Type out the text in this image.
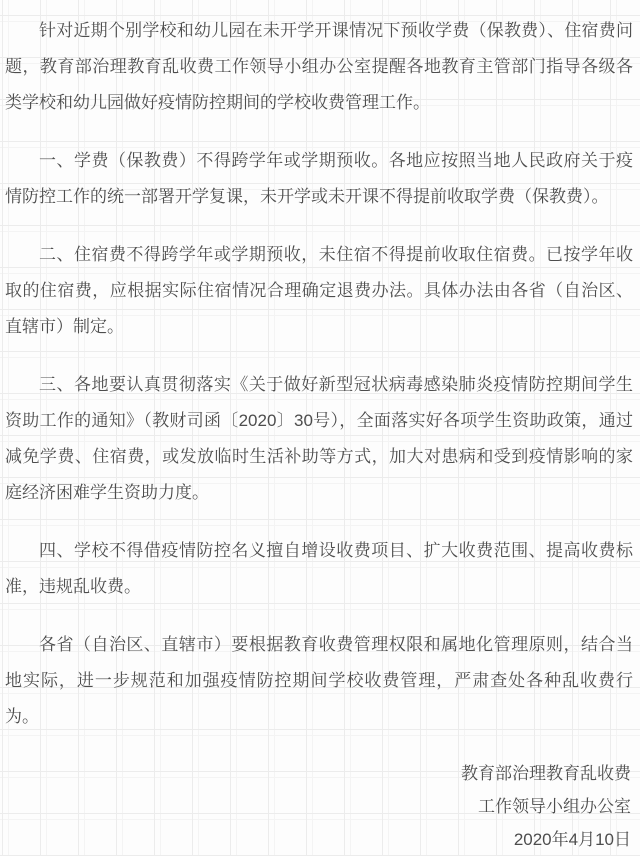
针对近期个别学校和幼儿园在未开学开课情况下预收学费（保教费）、住宿费问题，教育部治理教育乱收费工作领导小组办公室提醒各地教育主管部门指导各级各类学校和幼儿园做好疫情防控期间的学校收费管理工作。

一、学费（保教费）不得跨学年或学期预收。各地应按照当地人民政府关于疫情防控工作的统一部署开学复课，未开学或未开课不得提前收取学费（保教费）。

二、住宿费不得跨学年或学期预收，未住宿不得提前收取住宿费。已按学年收取的住宿费，应根据实际住宿情况合理确定退费办法。具体办法由各省（自治区、直辖市）制定。

三、各地要认真贯彻落实《关于做好新型冠状病毒感染肺炎疫情防控期间学生资助工作的通知》（教财司函〔2020〕30号），全面落实好各项学生资助政策，通过减免学费、住宿费，或发放临时生活补助等方式，加大对患病和受到疫情影响的家庭经济困难学生资助力度。

四、学校不得借疫情防控名义擅自增设收费项目、扩大收费范围、提高收费标准，违规乱收费。

各省（自治区、直辖市）要根据教育收费管理权限和属地化管理原则，结合当地实际，进一步规范和加强疫情防控期间学校收费管理，严肃查处各种乱收费行为。

教育部治理教育乱收费

工作领导小组办公室

2020年4月10日
